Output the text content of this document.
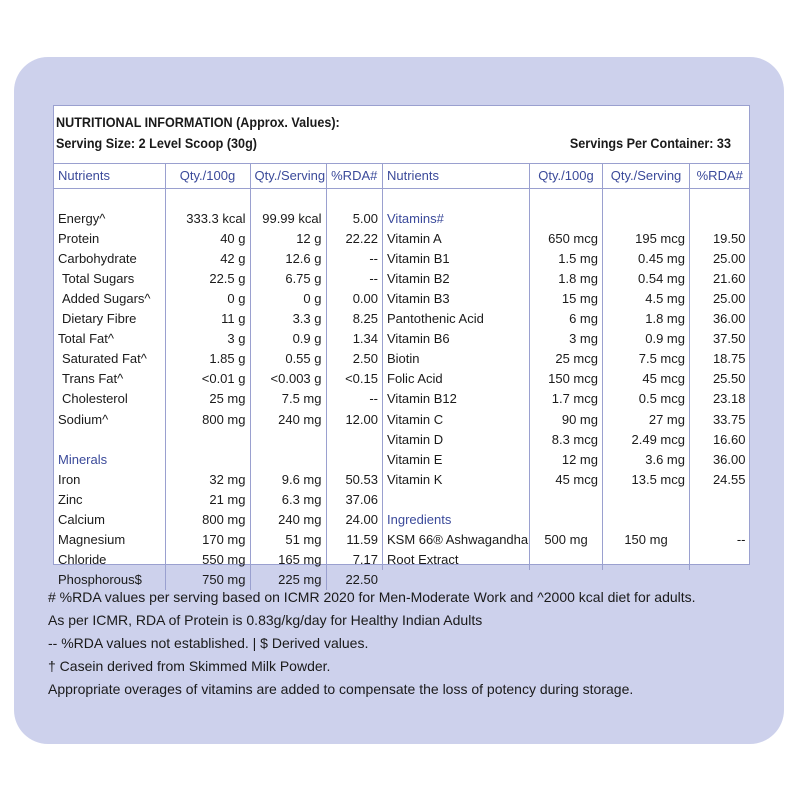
NUTRITIONAL INFORMATION (Approx. Values):
Serving Size: 2 Level Scoop (30g)	Servings Per Container: 33
Nutrients	Qty./100g	Qty./Serving	%RDA#

Energy^	333.3 kcal	99.99 kcal	5.00
Protein	40 g	12 g	22.22
Carbohydrate	42 g	12.6 g	--
Total Sugars	22.5 g	6.75 g	--
Added Sugars^	0 g	0 g	0.00
Dietary Fibre	11 g	3.3 g	8.25
Total Fat^	3 g	0.9 g	1.34
Saturated Fat^	1.85 g	0.55 g	2.50
Trans Fat^	<0.01 g	<0.003 g	<0.15
Cholesterol	25 mg	7.5 mg	--
Sodium^	800 mg	240 mg	12.00

Minerals			
Iron	32 mg	9.6 mg	50.53
Zinc	21 mg	6.3 mg	37.06
Calcium	800 mg	240 mg	24.00
Magnesium	170 mg	51 mg	11.59
Chloride	550 mg	165 mg	7.17
Phosphorous$	750 mg	225 mg	22.50
Nutrients	Qty./100g	Qty./Serving	%RDA#

Vitamins#			
Vitamin A	650 mcg	195 mcg	19.50
Vitamin B1	1.5 mg	0.45 mg	25.00
Vitamin B2	1.8 mg	0.54 mg	21.60
Vitamin B3	15 mg	4.5 mg	25.00
Pantothenic Acid	6 mg	1.8 mg	36.00
Vitamin B6	3 mg	0.9 mg	37.50
Biotin	25 mcg	7.5 mcg	18.75
Folic Acid	150 mcg	45 mcg	25.50
Vitamin B12	1.7 mcg	0.5 mcg	23.18
Vitamin C	90 mg	27 mg	33.75
Vitamin D	8.3 mcg	2.49 mcg	16.60
Vitamin E	12 mg	3.6 mg	36.00
Vitamin K	45 mcg	13.5 mcg	24.55

Ingredients			
KSM 66® Ashwagandha	500 mg	150 mg	--
Root Extract			
# %RDA values per serving based on ICMR 2020 for Men-Moderate Work and ^2000 kcal diet for adults.
As per ICMR, RDA of Protein is 0.83g/kg/day for Healthy Indian Adults
-- %RDA values not established. | $ Derived values.
† Casein derived from Skimmed Milk Powder.
Appropriate overages of vitamins are added to compensate the loss of potency during storage.
